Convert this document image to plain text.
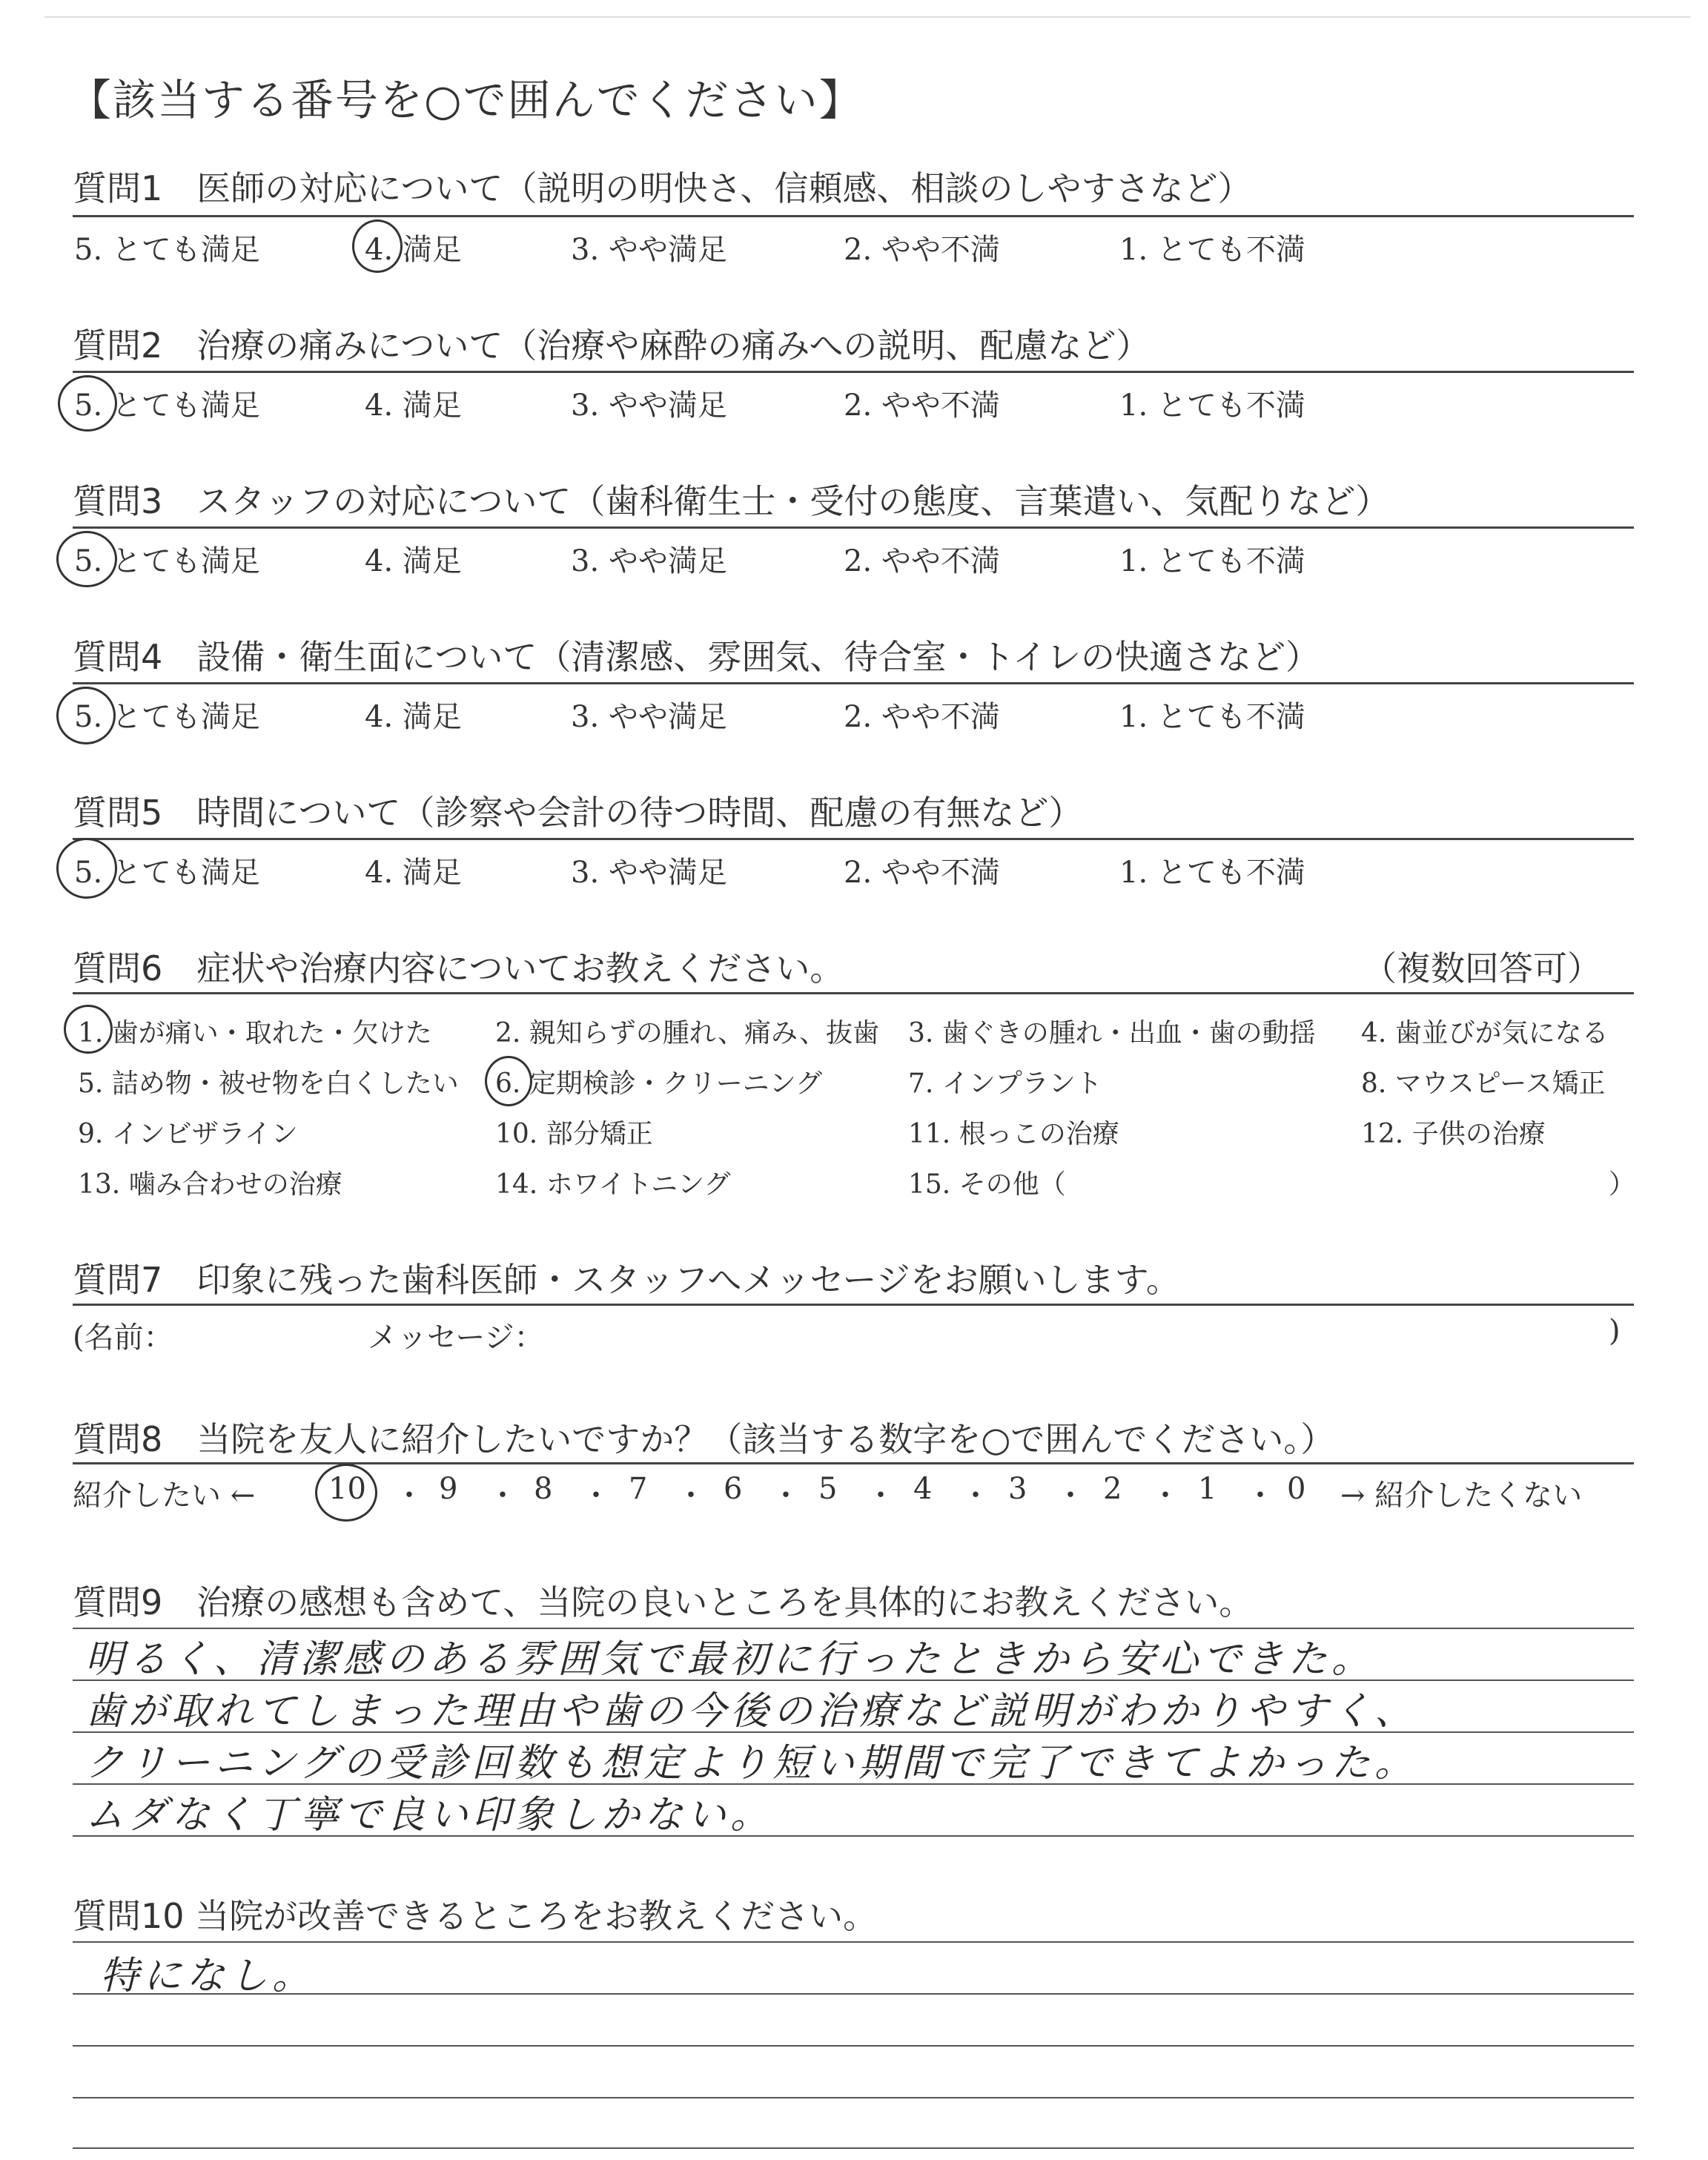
【該当する番号を○で囲んでください】
質問1　医師の対応について（説明の明快さ、信頼感、相談のしやすさなど）
5. とても満足	4. 満足	3. やや満足	2. やや不満	1. とても不満
質問2　治療の痛みについて（治療や麻酔の痛みへの説明、配慮など）
5. とても満足	4. 満足	3. やや満足	2. やや不満	1. とても不満
質問3　スタッフの対応について（歯科衛生士・受付の態度、言葉遣い、気配りなど）
5. とても満足	4. 満足	3. やや満足	2. やや不満	1. とても不満
質問4　設備・衛生面について（清潔感、雰囲気、待合室・トイレの快適さなど）
5. とても満足	4. 満足	3. やや満足	2. やや不満	1. とても不満
質問5　時間について（診察や会計の待つ時間、配慮の有無など）
5. とても満足	4. 満足	3. やや満足	2. やや不満	1. とても不満
質問6　症状や治療内容についてお教えください。	（複数回答可）
1. 歯が痛い・取れた・欠けた 2. 親知らずの腫れ、痛み、抜歯 3. 歯ぐきの腫れ・出血・歯の動揺 4. 歯並びが気になる
5. 詰め物・被せ物を白くしたい 6. 定期検診・クリーニング	7. インプラント	8. マウスピース矯正
9. インビザライン	10. 部分矯正	11. 根っこの治療	12. 子供の治療
13. 噛み合わせの治療	14. ホワイトニング	15. その他（	）
質問7　印象に残った歯科医師・スタッフへメッセージをお願いします。
(名前：	メッセージ：	)
質問8　当院を友人に紹介したいですか？（該当する数字を○で囲んでください。）
紹介したい ←	→ 紹介したくない
10 ・ 9 ・ 8 ・ 7 ・ 6 ・ 5 ・ 4 ・ 3 ・ 2 ・ 1 ・ 0
質問9　治療の感想も含めて、当院の良いところを具体的にお教えください。
明るく、清潔感のある雰囲気で最初に行ったときから安心できた。
歯が取れてしまった理由や歯の今後の治療など説明がわかりやすく、
クリーニングの受診回数も想定より短い期間で完了できてよかった。
ムダなく丁寧で良い印象しかない。
質問10 当院が改善できるところをお教えください。
特になし。
